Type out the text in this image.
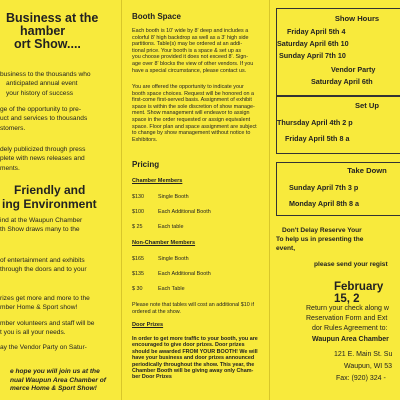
Business at the
hamber
ort Show....
business to the thousands who
anticipated annual event
your history of success
ge of the opportunity to pre-
uct and services to thousands
stomers.
dely publicized through press
plete with news releases and
ments.
Friendly and
ing Environment
ind at the Waupun Chamber
th Show draws many to the
of entertainment and exhibits
through the doors and to your
rizes get more and more to the
mber Home & Sport show!
mber volunteers and staff will be
t you is all your needs.
ay the Vendor Party on Satur-
e hope you will join us at the
nual Waupun Area Chamber of
merce Home & Sport Show!
Booth Space
Each booth is 10' wide by 8' deep and includes a
colorful 8' high backdrop as well as a 3' high side
partitions. Table(s) may be ordered at an addi-
tional price. Your booth is a space & set up as
you choose provided it does not exceed 8'. Sign-
age over 8' blocks the view of other vendors. If you
have a special circumstance, please contact us.
You are offered the opportunity to indicate your
booth space choices. Request will be honored on a
first-come first-served basis. Assignment of exhibit
space is within the sole discretion of show manage-
ment. Show management will endeavor to assign
space in the order requested or assign equivalent
space. Floor plan and space assignment are subject
to change by show management without notice to
Exhibitors.
Pricing
Chamber Members
$130	Single Booth
$100	Each Additional Booth
$ 25	Each table
Non-Chamber Members
$165	Single Booth
$135	Each Additional Booth
$ 30	Each Table
Please note that tables will cost an additional $10 if
ordered at the show.
Door Prizes
In order to get more traffic to your booth, you are
encouraged to give door prizes. Door prizes
should be awarded FROM YOUR BOOTH! We will
have your business and door prizes announced
periodically throughout the show. This year, the
Chamber Booth will be giving away only Cham-
ber Door Prizes
Show Hours
Friday April 5th 4
Saturday April 6th 10
Sunday April 7th 10
Vendor Party
Saturday April 6th
Set Up
Thursday April 4th 2 p
Friday April 5th 8 a
Take Down
Sunday April 7th 3 p
Monday April 8th 8 a
Don't Delay Reserve Your
To help us in presenting the
event,
please send your regist
February 15, 2
Return your check along w
Reservation Form and Ext
dor Rules Agreement to:
Waupun Area Chamber
121 E. Main St. Su
Waupun, WI 53
Fax: (920) 324 -
